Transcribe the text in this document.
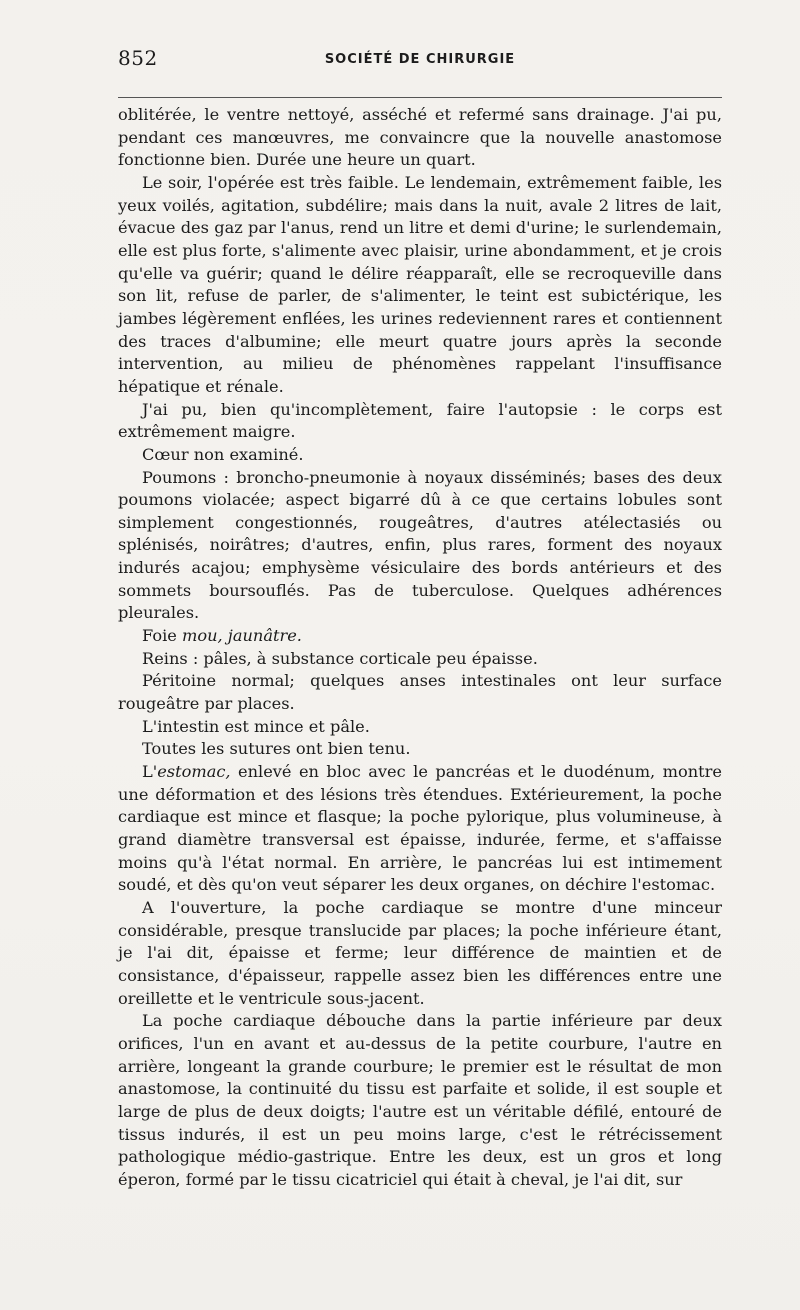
852	SOCIÉTÉ DE CHIRURGIE

oblitérée, le ventre nettoyé, asséché et refermé sans drainage. J'ai pu, pendant ces manœuvres, me convaincre que la nouvelle anastomose fonctionne bien. Durée une heure un quart.

Le soir, l'opérée est très faible. Le lendemain, extrêmement faible, les yeux voilés, agitation, subdélire; mais dans la nuit, avale 2 litres de lait, évacue des gaz par l'anus, rend un litre et demi d'urine; le surlendemain, elle est plus forte, s'alimente avec plaisir, urine abondamment, et je crois qu'elle va guérir; quand le délire réapparaît, elle se recroqueville dans son lit, refuse de parler, de s'alimenter, le teint est subictérique, les jambes légèrement enflées, les urines redeviennent rares et contiennent des traces d'albumine; elle meurt quatre jours après la seconde intervention, au milieu de phénomènes rappelant l'insuffisance hépatique et rénale.

J'ai pu, bien qu'incomplètement, faire l'autopsie : le corps est extrêmement maigre.

Cœur non examiné.

Poumons : broncho-pneumonie à noyaux disséminés; bases des deux poumons violacée; aspect bigarré dû à ce que certains lobules sont simplement congestionnés, rougeâtres, d'autres atélectasiés ou splénisés, noirâtres; d'autres, enfin, plus rares, forment des noyaux indurés acajou; emphysème vésiculaire des bords antérieurs et des sommets boursouflés. Pas de tuberculose. Quelques adhérences pleurales.

Foie mou, jaunâtre.

Reins : pâles, à substance corticale peu épaisse.

Péritoine normal; quelques anses intestinales ont leur surface rougeâtre par places.

L'intestin est mince et pâle.

Toutes les sutures ont bien tenu.

L'estomac, enlevé en bloc avec le pancréas et le duodénum, montre une déformation et des lésions très étendues. Extérieurement, la poche cardiaque est mince et flasque; la poche pylorique, plus volumineuse, à grand diamètre transversal est épaisse, indurée, ferme, et s'affaisse moins qu'à l'état normal. En arrière, le pancréas lui est intimement soudé, et dès qu'on veut séparer les deux organes, on déchire l'estomac.

A l'ouverture, la poche cardiaque se montre d'une minceur considérable, presque translucide par places; la poche inférieure étant, je l'ai dit, épaisse et ferme; leur différence de maintien et de consistance, d'épaisseur, rappelle assez bien les différences entre une oreillette et le ventricule sous-jacent.

La poche cardiaque débouche dans la partie inférieure par deux orifices, l'un en avant et au-dessus de la petite courbure, l'autre en arrière, longeant la grande courbure; le premier est le résultat de mon anastomose, la continuité du tissu est parfaite et solide, il est souple et large de plus de deux doigts; l'autre est un véritable défilé, entouré de tissus indurés, il est un peu moins large, c'est le rétrécissement pathologique médio-gastrique. Entre les deux, est un gros et long éperon, formé par le tissu cicatriciel qui était à cheval, je l'ai dit, sur
